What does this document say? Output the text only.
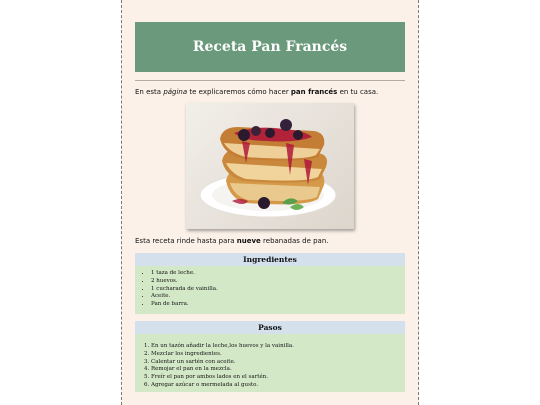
Receta Pan Francés

En esta página te explicaremos cómo hacer pan francés en tu casa.

Esta receta rinde hasta para nueve rebanadas de pan.

Ingredientes
• 1 taza de leche.
• 2 huevos.
• 1 cucharada de vainilla.
• Aceite.
• Pan de barra.
Pasos
1. En un tazón añadir la leche,los huevos y la vainilla.
2. Mezclar los ingredientes.
3. Calentar un sartén con aceite.
4. Remojar el pan en la mezcla.
5. Freír el pan por ambos lados en el sartén.
6. Agregar azúcar o mermelada al gusto.
